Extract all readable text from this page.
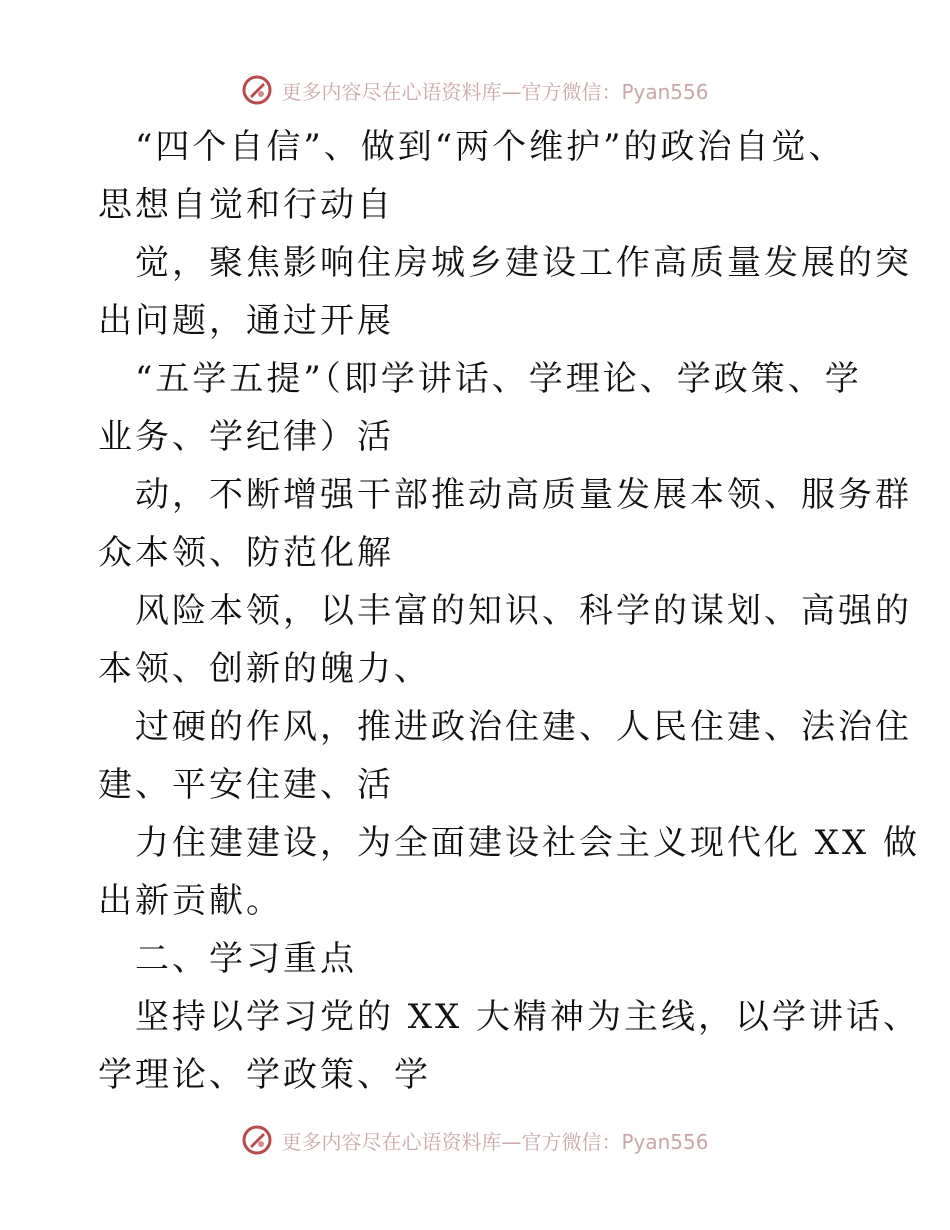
更多内容尽在心语资料库—官方微信：Pyan556
“四个自信”、做到“两个维护”的政治自觉、
思想自觉和行动自
觉，聚焦影响住房城乡建设工作高质量发展的突
出问题，通过开展
“五学五提”（即学讲话、学理论、学政策、学
业务、学纪律）活
动，不断增强干部推动高质量发展本领、服务群
众本领、防范化解
风险本领，以丰富的知识、科学的谋划、高强的
本领、创新的魄力、
过硬的作风，推进政治住建、人民住建、法治住
建、平安住建、活
力住建建设，为全面建设社会主义现代化 XX 做
出新贡献。
二、学习重点
坚持以学习党的 XX 大精神为主线，以学讲话、
学理论、学政策、学
更多内容尽在心语资料库—官方微信：Pyan556
